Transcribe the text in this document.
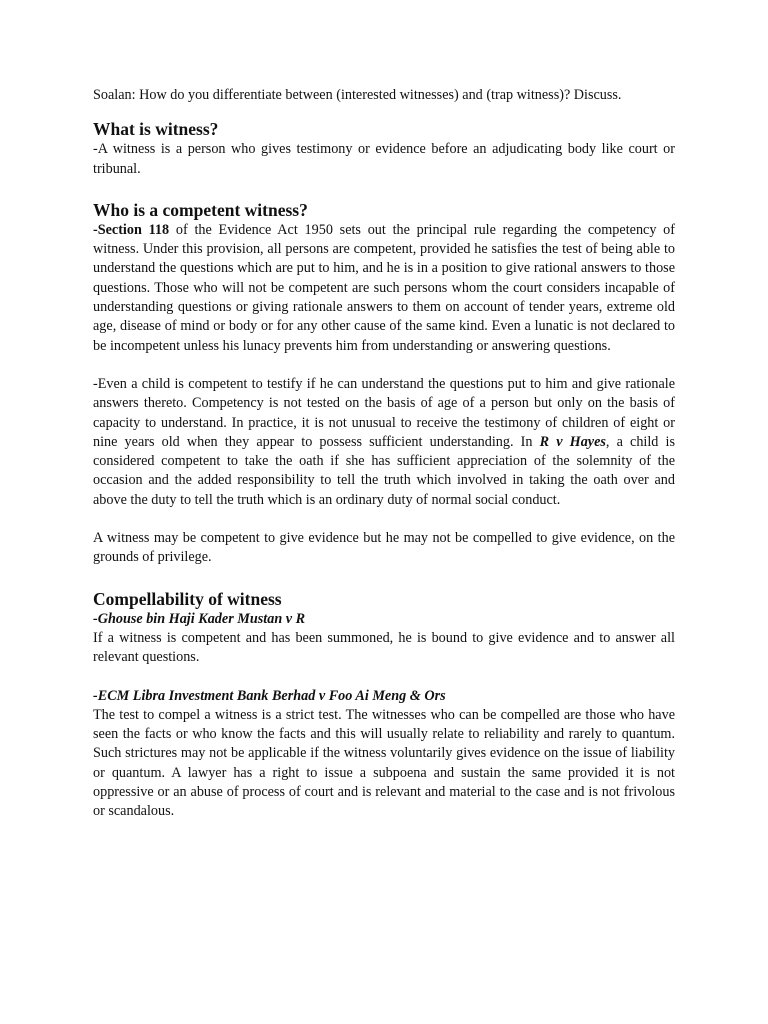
Soalan: How do you differentiate between (interested witnesses) and (trap witness)? Discuss.

What is witness?

-A witness is a person who gives testimony or evidence before an adjudicating body like court or tribunal.

Who is a competent witness?

-Section 118 of the Evidence Act 1950 sets out the principal rule regarding the competency of witness. Under this provision, all persons are competent, provided he satisfies the test of being able to understand the questions which are put to him, and he is in a position to give rational answers to those questions. Those who will not be competent are such persons whom the court considers incapable of understanding questions or giving rationale answers to them on account of tender years, extreme old age, disease of mind or body or for any other cause of the same kind. Even a lunatic is not declared to be incompetent unless his lunacy prevents him from understanding or answering questions.

-Even a child is competent to testify if he can understand the questions put to him and give rationale answers thereto. Competency is not tested on the basis of age of a person but only on the basis of capacity to understand. In practice, it is not unusual to receive the testimony of children of eight or nine years old when they appear to possess sufficient understanding. In R v Hayes, a child is considered competent to take the oath if she has sufficient appreciation of the solemnity of the occasion and the added responsibility to tell the truth which involved in taking the oath over and above the duty to tell the truth which is an ordinary duty of normal social conduct.

A witness may be competent to give evidence but he may not be compelled to give evidence, on the grounds of privilege.

Compellability of witness

-Ghouse bin Haji Kader Mustan v R

If a witness is competent and has been summoned, he is bound to give evidence and to answer all relevant questions.

-ECM Libra Investment Bank Berhad v Foo Ai Meng & Ors

The test to compel a witness is a strict test. The witnesses who can be compelled are those who have seen the facts or who know the facts and this will usually relate to reliability and rarely to quantum. Such strictures may not be applicable if the witness voluntarily gives evidence on the issue of liability or quantum. A lawyer has a right to issue a subpoena and sustain the same provided it is not oppressive or an abuse of process of court and is relevant and material to the case and is not frivolous or scandalous.
